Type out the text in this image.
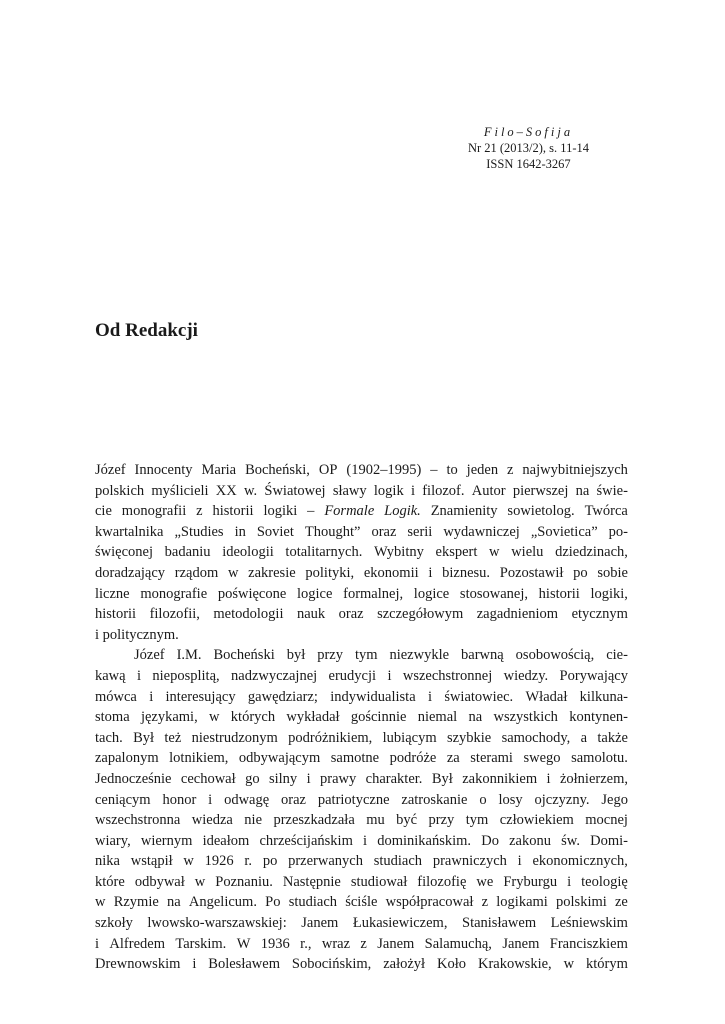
Filo–Sofija
Nr 21 (2013/2), s. 11-14
ISSN 1642-3267
Od Redakcji
Józef Innocenty Maria Bocheński, OP (1902–1995) – to jeden z najwybitniejszych
polskich myślicieli XX w. Światowej sławy logik i filozof. Autor pierwszej na świe-
cie monografii z historii logiki – Formale Logik. Znamienity sowietolog. Twórca
kwartalnika „Studies in Soviet Thought” oraz serii wydawniczej „Sovietica” po-
święconej badaniu ideologii totalitarnych. Wybitny ekspert w wielu dziedzinach,
doradzający rządom w zakresie polityki, ekonomii i biznesu. Pozostawił po sobie
liczne monografie poświęcone logice formalnej, logice stosowanej, historii logiki,
historii filozofii, metodologii nauk oraz szczegółowym zagadnieniom etycznym
i politycznym.
Józef I.M. Bocheński był przy tym niezwykle barwną osobowością, cie-
kawą i nieposplitą, nadzwyczajnej erudycji i wszechstronnej wiedzy. Porywający
mówca i interesujący gawędziarz; indywidualista i światowiec. Władał kilkuna-
stoma językami, w których wykładał gościnnie niemal na wszystkich kontynen-
tach. Był też niestrudzonym podróżnikiem, lubiącym szybkie samochody, a także
zapalonym lotnikiem, odbywającym samotne podróże za sterami swego samolotu.
Jednocześnie cechował go silny i prawy charakter. Był zakonnikiem i żołnierzem,
ceniącym honor i odwagę oraz patriotyczne zatroskanie o losy ojczyzny. Jego
wszechstronna wiedza nie przeszkadzała mu być przy tym człowiekiem mocnej
wiary, wiernym ideałom chrześcijańskim i dominikańskim. Do zakonu św. Domi-
nika wstąpił w 1926 r. po przerwanych studiach prawniczych i ekonomicznych,
które odbywał w Poznaniu. Następnie studiował filozofię we Fryburgu i teologię
w Rzymie na Angelicum. Po studiach ściśle współpracował z logikami polskimi ze
szkoły lwowsko-warszawskiej: Janem Łukasiewiczem, Stanisławem Leśniewskim
i Alfredem Tarskim. W 1936 r., wraz z Janem Salamuchą, Janem Franciszkiem
Drewnowskim i Bolesławem Sobocińskim, założył Koło Krakowskie, w którym
